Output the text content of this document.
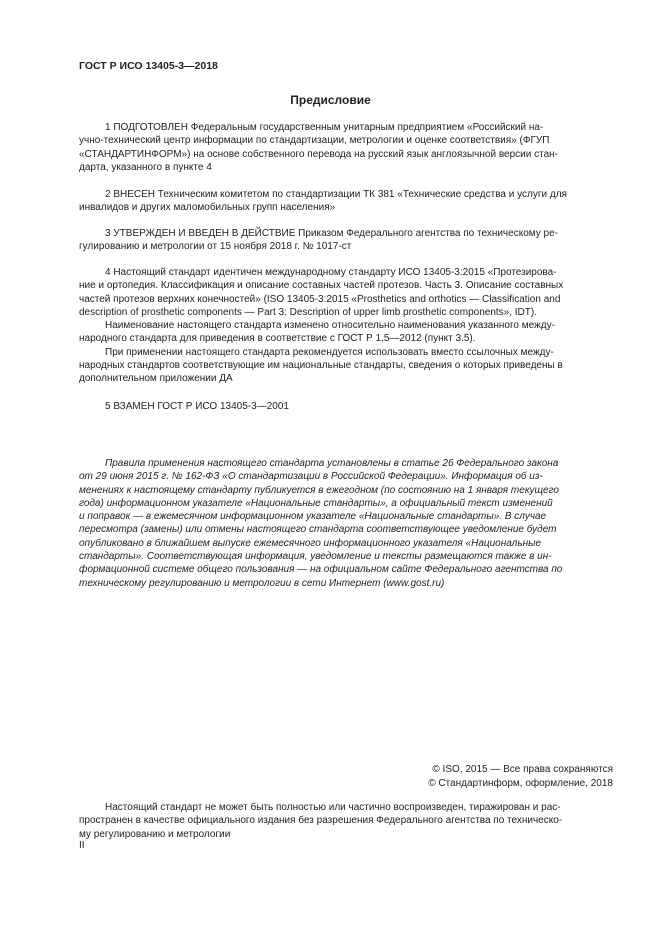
ГОСТ Р ИСО 13405-3—2018
Предисловие
1 ПОДГОТОВЛЕН Федеральным государственным унитарным предприятием «Российский на-
учно-технический центр информации по стандартизации, метрологии и оценке соответствия» (ФГУП
«СТАНДАРТИНФОРМ») на основе собственного перевода на русский язык англоязычной версии стан-
дарта, указанного в пункте 4
2 ВНЕСЕН Техническим комитетом по стандартизации ТК 381 «Технические средства и услуги для
инвалидов и других маломобильных групп населения»
3 УТВЕРЖДЕН И ВВЕДЕН В ДЕЙСТВИЕ Приказом Федерального агентства по техническому ре-
гулированию и метрологии от 15 ноября 2018 г. № 1017-ст
4 Настоящий стандарт идентичен международному стандарту ИСО 13405-3:2015 «Протезирова-
ние и ортопедия. Классификация и описание составных частей протезов. Часть 3. Описание составных
частей протезов верхних конечностей» (ISO 13405-3:2015 «Prosthetics and orthotics — Classification and
description of prosthetic components — Part 3: Description of upper limb prosthetic components», IDT).
Наименование настоящего стандарта изменено относительно наименования указанного между-
народного стандарта для приведения в соответствие с ГОСТ Р 1.5—2012 (пункт 3.5).
При применении настоящего стандарта рекомендуется использовать вместо ссылочных между-
народных стандартов соответствующие им национальные стандарты, сведения о которых приведены в
дополнительном приложении ДА
5 ВЗАМЕН ГОСТ Р ИСО 13405-3—2001
Правила применения настоящего стандарта установлены в статье 26 Федерального закона
от 29 июня 2015 г. № 162-ФЗ «О стандартизации в Российской Федерации». Информация об из-
менениях к настоящему стандарту публикуется в ежегодном (по состоянию на 1 января текущего
года) информационном указателе «Национальные стандарты», а официальный текст изменений
и поправок — в ежемесячном информационном указателе «Национальные стандарты». В случае
пересмотра (замены) или отмены настоящего стандарта соответствующее уведомление будет
опубликовано в ближайшем выпуске ежемесячного информационного указателя «Национальные
стандарты». Соответствующая информация, уведомление и тексты размещаются также в ин-
формационной системе общего пользования — на официальном сайте Федерального агентства по
техническому регулированию и метрологии в сети Интернет (www.gost.ru)
© ISO, 2015 — Все права сохраняются
© Стандартинформ, оформление, 2018
Настоящий стандарт не может быть полностью или частично воспроизведен, тиражирован и рас-
пространен в качестве официального издания без разрешения Федерального агентства по техническо-
му регулированию и метрологии
II
